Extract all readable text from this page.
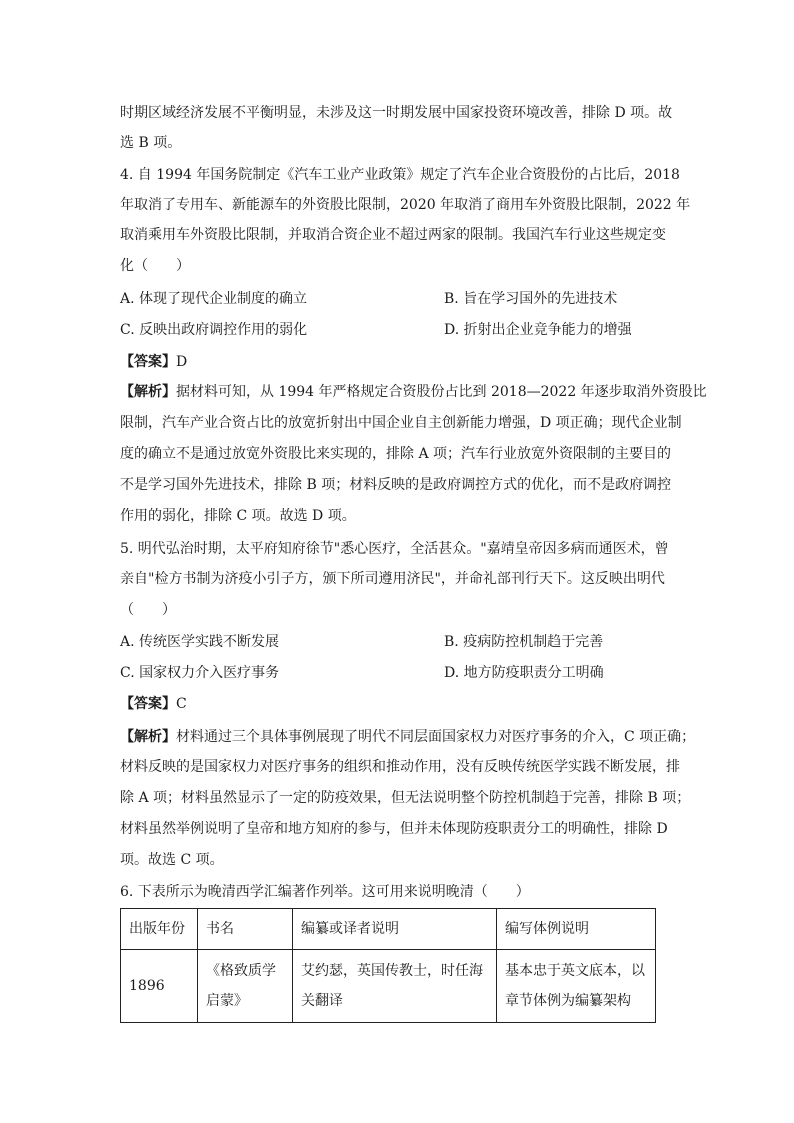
时期区域经济发展不平衡明显，未涉及这一时期发展中国家投资环境改善，排除 D 项。故
选 B 项。
4. 自 1994 年国务院制定《汽车工业产业政策》规定了汽车企业合资股份的占比后，2018
年取消了专用车、新能源车的外资股比限制，2020 年取消了商用车外资股比限制，2022 年
取消乘用车外资股比限制，并取消合资企业不超过两家的限制。我国汽车行业这些规定变
化（　　）
A. 体现了现代企业制度的确立	B. 旨在学习国外的先进技术
C. 反映出政府调控作用的弱化	D. 折射出企业竞争能力的增强
【答案】D
【解析】据材料可知，从 1994 年严格规定合资股份占比到 2018—2022 年逐步取消外资股比
限制，汽车产业合资占比的放宽折射出中国企业自主创新能力增强，D 项正确；现代企业制
度的确立不是通过放宽外资股比来实现的，排除 A 项；汽车行业放宽外资限制的主要目的
不是学习国外先进技术，排除 B 项；材料反映的是政府调控方式的优化，而不是政府调控
作用的弱化，排除 C 项。故选 D 项。
5. 明代弘治时期，太平府知府徐节"悉心医疗，全活甚众。"嘉靖皇帝因多病而通医术，曾
亲自"检方书制为济疫小引子方，颁下所司遵用济民"，并命礼部刊行天下。这反映出明代
（　　）
A. 传统医学实践不断发展	B. 疫病防控机制趋于完善
C. 国家权力介入医疗事务	D. 地方防疫职责分工明确
【答案】C
【解析】材料通过三个具体事例展现了明代不同层面国家权力对医疗事务的介入，C 项正确；
材料反映的是国家权力对医疗事务的组织和推动作用，没有反映传统医学实践不断发展，排
除 A 项；材料虽然显示了一定的防疫效果，但无法说明整个防控机制趋于完善，排除 B 项；
材料虽然举例说明了皇帝和地方知府的参与，但并未体现防疫职责分工的明确性，排除 D
项。故选 C 项。
6. 下表所示为晚清西学汇编著作列举。这可用来说明晚清（　　）
出版年份	书名	编纂或译者说明	编写体例说明
1896	《格致质学启蒙》	艾约瑟，英国传教士，时任海关翻译	基本忠于英文底本，以章节体例为编纂架构
